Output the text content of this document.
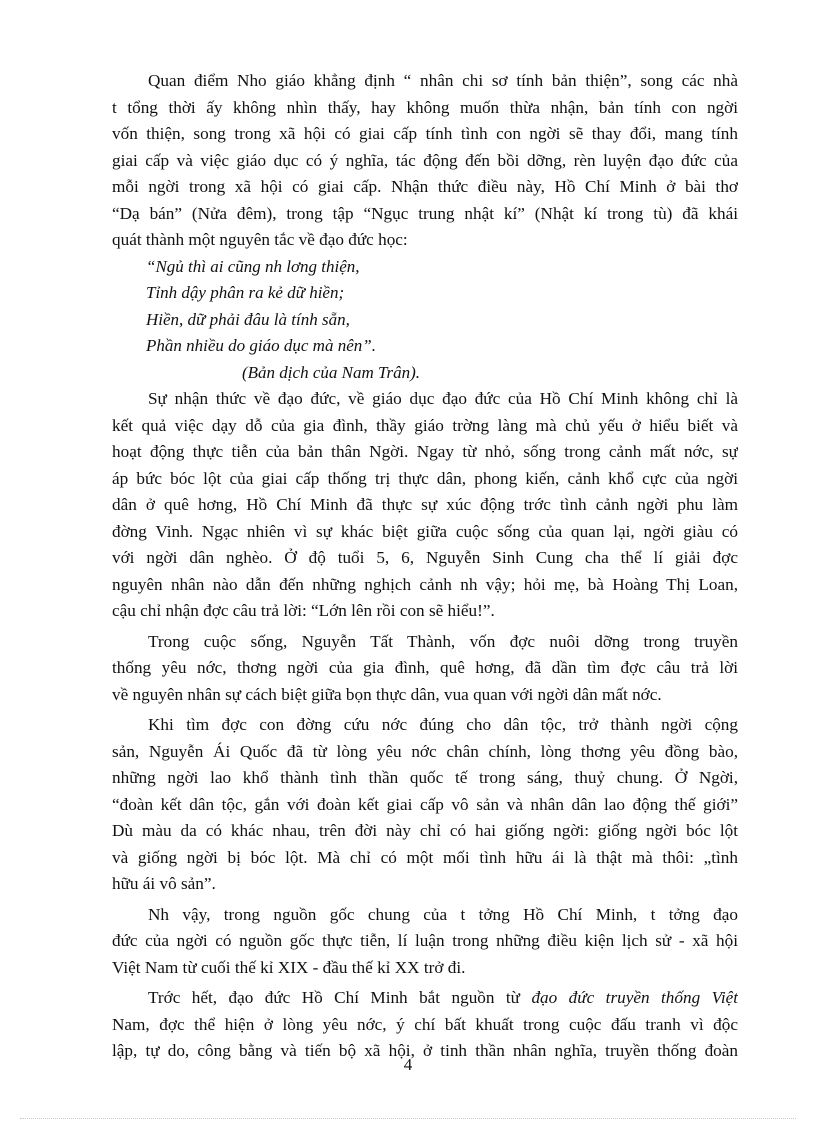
Quan điểm Nho giáo khẳng định “ nhân chi sơ tính bản thiện”, song các nhà
t tổng thời ấy không nhìn thấy, hay không muốn thừa nhận, bản tính con ngời
vốn thiện, song trong xã hội có giai cấp tính tình con ngời sẽ thay đổi, mang tính
giai cấp và việc giáo dục có ý nghĩa, tác động đến bồi dỡng, rèn luyện đạo đức của
mỗi ngời trong xã hội có giai cấp. Nhận thức điều này, Hồ Chí Minh ở bài thơ
“Dạ bán” (Nửa đêm), trong tập “Ngục trung nhật kí” (Nhật kí trong tù) đã khái
quát thành một nguyên tắc về đạo đức học:
“Ngủ thì ai cũng nh lơng thiện,
Tỉnh dậy phân ra kẻ dữ hiền;
Hiền, dữ phải đâu là tính sẵn,
Phần nhiều do giáo dục mà nên”.
(Bản dịch của Nam Trân).
Sự nhận thức về đạo đức, về giáo dục đạo đức của Hồ Chí Minh không chỉ là
kết quả việc dạy dỗ của gia đình, thầy giáo trờng làng mà chủ yếu ở hiểu biết và
hoạt động thực tiễn của bản thân Ngời. Ngay từ nhỏ, sống trong cảnh mất nớc, sự
áp bức bóc lột của giai cấp thống trị thực dân, phong kiến, cảnh khổ cực của ngời
dân ở quê hơng, Hồ Chí Minh đã thực sự xúc động trớc tình cảnh ngời phu làm
đờng Vinh. Ngạc nhiên vì sự khác biệt giữa cuộc sống của quan lại, ngời giàu có
với ngời dân nghèo. Ở độ tuổi 5, 6, Nguyễn Sinh Cung cha thể lí giải đợc
nguyên nhân nào dẫn đến những nghịch cảnh nh vậy; hỏi mẹ, bà Hoàng Thị Loan,
cậu chỉ nhận đợc câu trả lời: “Lớn lên rồi con sẽ hiểu!”.
Trong cuộc sống, Nguyễn Tất Thành, vốn đợc nuôi dỡng trong truyền
thống yêu nớc, thơng ngời của gia đình, quê hơng, đã dần tìm đợc câu trả lời
về nguyên nhân sự cách biệt giữa bọn thực dân, vua quan với ngời dân mất nớc.
Khi tìm đợc con đờng cứu nớc đúng cho dân tộc, trở thành ngời cộng
sản, Nguyễn Ái Quốc đã từ lòng yêu nớc chân chính, lòng thơng yêu đồng bào,
những ngời lao khổ thành tình thần quốc tế trong sáng, thuỷ chung. Ở Ngời,
“đoàn kết dân tộc, gắn với đoàn kết giai cấp vô sản và nhân dân lao động thế giới”
Dù màu da có khác nhau, trên đời này chỉ có hai giống ngời: giống ngời bóc lột
và giống ngời bị bóc lột. Mà chỉ có một mối tình hữu ái là thật mà thôi: „tình
hữu ái vô sản”.
Nh vậy, trong nguồn gốc chung của t tởng Hồ Chí Minh, t tởng đạo
đức của ngời có nguồn gốc thực tiễn, lí luận trong những điều kiện lịch sử - xã hội
Việt Nam từ cuối thế kỉ XIX - đầu thế kỉ XX trở đi.
Trớc hết, đạo đức Hồ Chí Minh bắt nguồn từ đạo đức truyền thống Việt
Nam, đợc thể hiện ở lòng yêu nớc, ý chí bất khuất trong cuộc đấu tranh vì độc
lập, tự do, công bằng và tiến bộ xã hội, ở tinh thần nhân nghĩa, truyền thống đoàn
4
